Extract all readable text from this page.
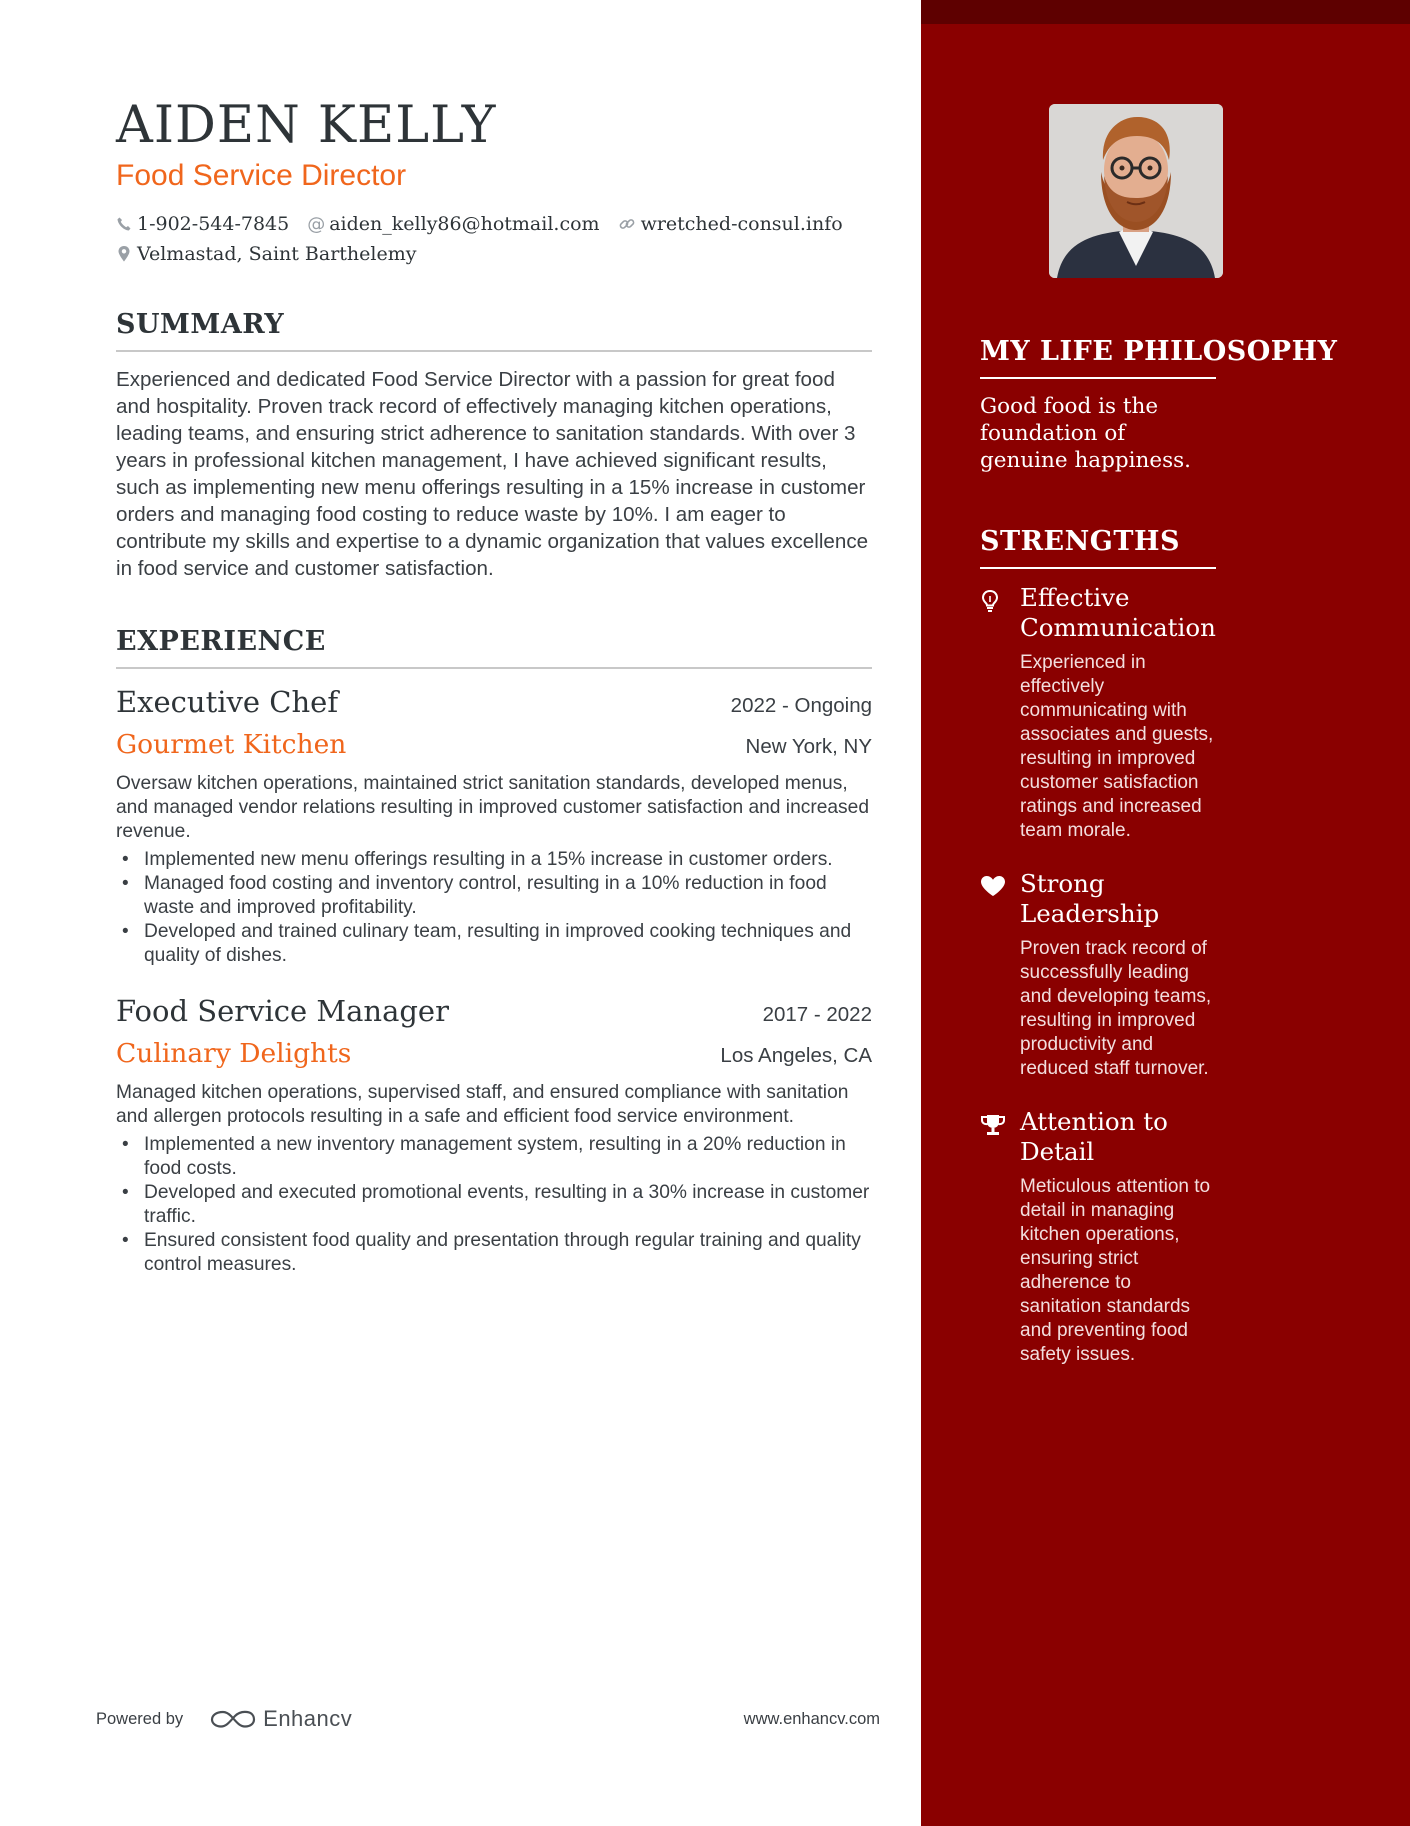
AIDEN KELLY
Food Service Director
1-902-544-7845 @ aiden_kelly86@hotmail.com wretched-consul.info
Velmastad, Saint Barthelemy
SUMMARY

Experienced and dedicated Food Service Director with a passion for great food and hospitality. Proven track record of effectively managing kitchen operations, leading teams, and ensuring strict adherence to sanitation standards. With over 3 years in professional kitchen management, I have achieved significant results, such as implementing new menu offerings resulting in a 15% increase in customer orders and managing food costing to reduce waste by 10%. I am eager to contribute my skills and expertise to a dynamic organization that values excellence in food service and customer satisfaction.

EXPERIENCE
Executive Chef	2022 - Ongoing
Gourmet Kitchen	New York, NY

Oversaw kitchen operations, maintained strict sanitation standards, developed menus, and managed vendor relations resulting in improved customer satisfaction and increased revenue.

• Implemented new menu offerings resulting in a 15% increase in customer orders.
• Managed food costing and inventory control, resulting in a 10% reduction in food waste and improved profitability.
• Developed and trained culinary team, resulting in improved cooking techniques and quality of dishes.
Food Service Manager	2017 - 2022
Culinary Delights	Los Angeles, CA

Managed kitchen operations, supervised staff, and ensured compliance with sanitation and allergen protocols resulting in a safe and efficient food service environment.

• Implemented a new inventory management system, resulting in a 20% reduction in food costs.
• Developed and executed promotional events, resulting in a 30% increase in customer traffic.
• Ensured consistent food quality and presentation through regular training and quality control measures.
Powered by	Enhancv	www.enhancv.com
MY LIFE PHILOSOPHY

Good food is the foundation of genuine happiness.

STRENGTHS
Effective Communication

Experienced in effectively communicating with associates and guests, resulting in improved customer satisfaction ratings and increased team morale.

Strong Leadership

Proven track record of successfully leading and developing teams, resulting in improved productivity and reduced staff turnover.

Attention to Detail

Meticulous attention to detail in managing kitchen operations, ensuring strict adherence to sanitation standards and preventing food safety issues.
